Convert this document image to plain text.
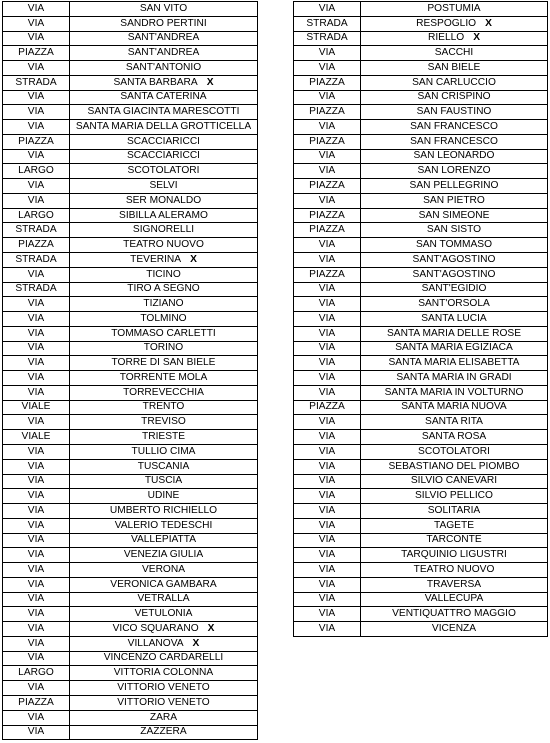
VIA	SAN VITO
VIA	SANDRO PERTINI
VIA	SANT'ANDREA
PIAZZA	SANT'ANDREA
VIA	SANT'ANTONIO
STRADA	SANTA BARBARA X
VIA	SANTA CATERINA
VIA	SANTA GIACINTA MARESCOTTI
VIA	SANTA MARIA DELLA GROTTICELLA
PIAZZA	SCACCIARICCI
VIA	SCACCIARICCI
LARGO	SCOTOLATORI
VIA	SELVI
VIA	SER MONALDO
LARGO	SIBILLA ALERAMO
STRADA	SIGNORELLI
PIAZZA	TEATRO NUOVO
STRADA	TEVERINA X
VIA	TICINO
STRADA	TIRO A SEGNO
VIA	TIZIANO
VIA	TOLMINO
VIA	TOMMASO CARLETTI
VIA	TORINO
VIA	TORRE DI SAN BIELE
VIA	TORRENTE MOLA
VIA	TORREVECCHIA
VIALE	TRENTO
VIA	TREVISO
VIALE	TRIESTE
VIA	TULLIO CIMA
VIA	TUSCANIA
VIA	TUSCIA
VIA	UDINE
VIA	UMBERTO RICHIELLO
VIA	VALERIO TEDESCHI
VIA	VALLEPIATTA
VIA	VENEZIA GIULIA
VIA	VERONA
VIA	VERONICA GAMBARA
VIA	VETRALLA
VIA	VETULONIA
VIA	VICO SQUARANO X
VIA	VILLANOVA X
VIA	VINCENZO CARDARELLI
LARGO	VITTORIA COLONNA
VIA	VITTORIO VENETO
PIAZZA	VITTORIO VENETO
VIA	ZARA
VIA	ZAZZERA
VIA	POSTUMIA
STRADA	RESPOGLIO X
STRADA	RIELLO X
VIA	SACCHI
VIA	SAN BIELE
PIAZZA	SAN CARLUCCIO
VIA	SAN CRISPINO
PIAZZA	SAN FAUSTINO
VIA	SAN FRANCESCO
PIAZZA	SAN FRANCESCO
VIA	SAN LEONARDO
VIA	SAN LORENZO
PIAZZA	SAN PELLEGRINO
VIA	SAN PIETRO
PIAZZA	SAN SIMEONE
PIAZZA	SAN SISTO
VIA	SAN TOMMASO
VIA	SANT'AGOSTINO
PIAZZA	SANT'AGOSTINO
VIA	SANT'EGIDIO
VIA	SANT'ORSOLA
VIA	SANTA LUCIA
VIA	SANTA MARIA DELLE ROSE
VIA	SANTA MARIA EGIZIACA
VIA	SANTA MARIA ELISABETTA
VIA	SANTA MARIA IN GRADI
VIA	SANTA MARIA IN VOLTURNO
PIAZZA	SANTA MARIA NUOVA
VIA	SANTA RITA
VIA	SANTA ROSA
VIA	SCOTOLATORI
VIA	SEBASTIANO DEL PIOMBO
VIA	SILVIO CANEVARI
VIA	SILVIO PELLICO
VIA	SOLITARIA
VIA	TAGETE
VIA	TARCONTE
VIA	TARQUINIO LIGUSTRI
VIA	TEATRO NUOVO
VIA	TRAVERSA
VIA	VALLECUPA
VIA	VENTIQUATTRO MAGGIO
VIA	VICENZA
